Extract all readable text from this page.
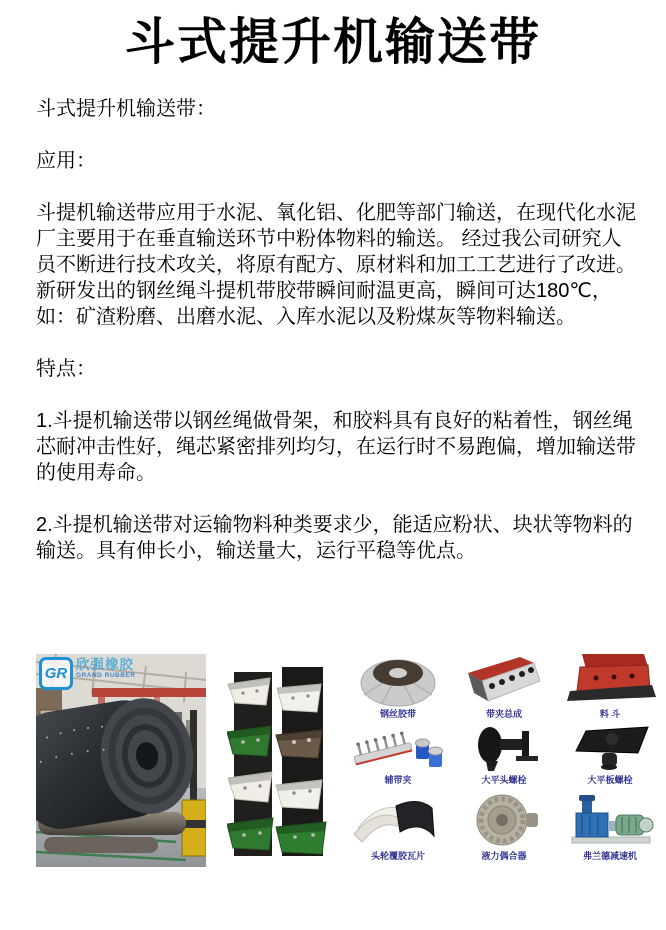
斗式提升机输送带

斗式提升机输送带：

应用：

斗提机输送带应用于水泥、氧化铝、化肥等部门输送，在现代化水泥厂主要用于在垂直输送环节中粉体物料的输送。 经过我公司研究人员不断进行技术攻关，将原有配方、原材料和加工工艺进行了改进。新研发出的钢丝绳斗提机带胶带瞬间耐温更高，瞬间可达180℃，如：矿渣粉磨、出磨水泥、入库水泥以及粉煤灰等物料输送。

特点：

1.斗提机输送带以钢丝绳做骨架，和胶料具有良好的粘着性，钢丝绳芯耐冲击性好，绳芯紧密排列均匀，在运行时不易跑偏，增加输送带的使用寿命。

2.斗提机输送带对运输物料种类要求少，能适应粉状、块状等物料的输送。具有伸长小，输送量大，运行平稳等优点。

GR
欣强橡胶
GRAND RUBBER
钢丝胶带	带夹总成	料 斗
辅带夹	大平头螺栓	大平板螺栓
头轮覆胶瓦片	液力偶合器	弗兰德减速机
